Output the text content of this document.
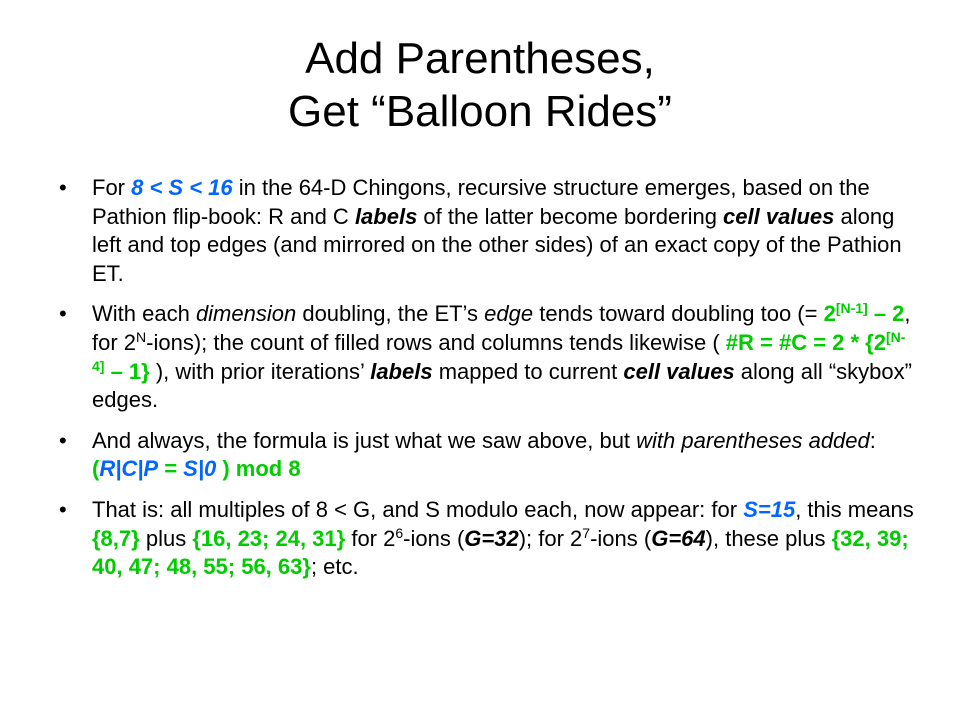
Add Parentheses,
Get “Balloon Rides”
• For 8 < S < 16 in the 64-D Chingons, recursive structure emerges, based on the Pathion flip-book: R and C labels of the latter become bordering cell values along left and top edges (and mirrored on the other sides) of an exact copy of the Pathion ET.
• With each dimension doubling, the ET’s edge tends toward doubling too (= 2[N-1] – 2, for $2^N-ions$); the count of filled rows and columns tends likewise ( #R = #C = 2 * {2[N-4] – 1} ), with prior iterations’ labels mapped to current cell values along all “skybox” edges.
• And always, the formula is just what we saw above, but with parentheses added: (R|C|P = S|0 ) mod 8
• That is: all multiples of 8 < G, and S modulo each, now appear: for S=15, this means {8,7} plus {16, 23; 24, 31} for $2^6$-ions (G=32); for $2^7$-ions (G=64), these plus {32, 39; 40, 47; 48, 55; 56, 63}; etc.
